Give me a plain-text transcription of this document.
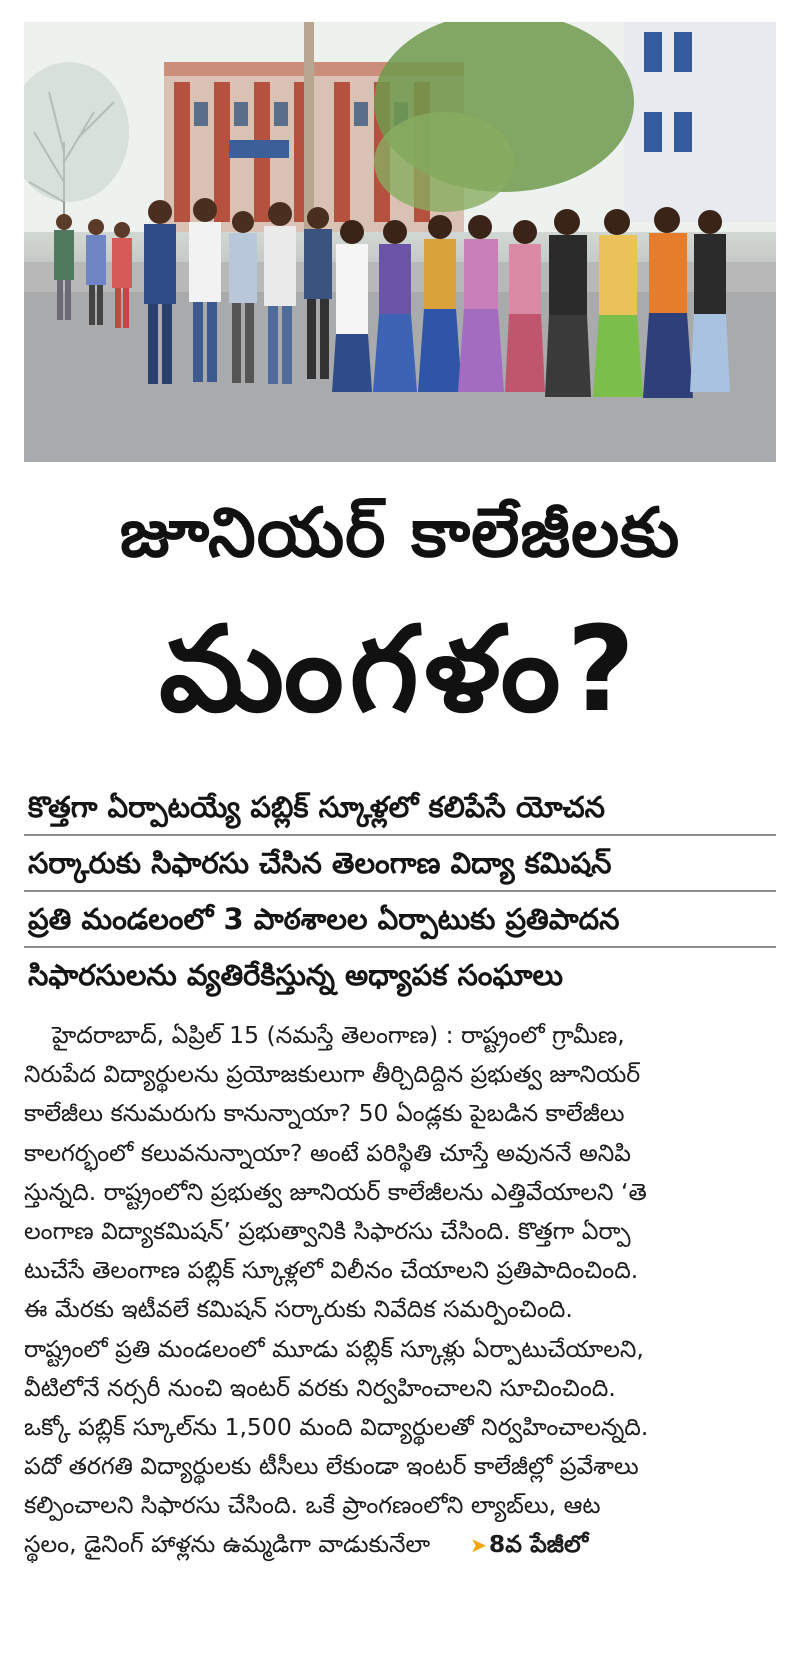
జూనియర్ కాలేజీలకు
మంగళం?
కొత్తగా ఏర్పాటయ్యే పబ్లిక్ స్కూళ్లలో కలిపేసే యోచన
సర్కారుకు సిఫారసు చేసిన తెలంగాణ విద్యా కమిషన్
ప్రతి మండలంలో 3 పాఠశాలల ఏర్పాటుకు ప్రతిపాదన
సిఫారసులను వ్యతిరేకిస్తున్న అధ్యాపక సంఘాలు
హైదరాబాద్, ఏప్రిల్ 15 (నమస్తే తెలంగాణ) : రాష్ట్రంలో గ్రామీణ,
నిరుపేద విద్యార్థులను ప్రయోజకులుగా తీర్చిదిద్దిన ప్రభుత్వ జూనియర్
కాలేజీలు కనుమరుగు కానున్నాయా? 50 ఏండ్లకు పైబడిన కాలేజీలు
కాలగర్భంలో కలువనున్నాయా? అంటే పరిస్థితి చూస్తే అవుననే అనిపి
స్తున్నది. రాష్ట్రంలోని ప్రభుత్వ జూనియర్ కాలేజీలను ఎత్తివేయాలని ‘తె
లంగాణ విద్యాకమిషన్’ ప్రభుత్వానికి సిఫారసు చేసింది. కొత్తగా ఏర్పా
టుచేసే తెలంగాణ పబ్లిక్ స్కూళ్లలో విలీనం చేయాలని ప్రతిపాదించింది.
ఈ మేరకు ఇటీవలే కమిషన్ సర్కారుకు నివేదిక సమర్పించింది.
రాష్ట్రంలో ప్రతి మండలంలో మూడు పబ్లిక్ స్కూళ్లు ఏర్పాటుచేయాలని,
వీటిలోనే నర్సరీ నుంచి ఇంటర్ వరకు నిర్వహించాలని సూచించింది.
ఒక్కో పబ్లిక్ స్కూల్‌ను 1,500 మంది విద్యార్థులతో నిర్వహించాలన్నది.
పదో తరగతి విద్యార్థులకు టీసీలు లేకుండా ఇంటర్ కాలేజీల్లో ప్రవేశాలు
కల్పించాలని సిఫారసు చేసింది. ఒకే ప్రాంగణంలోని ల్యాబ్‌లు, ఆట
స్థలం, డైనింగ్ హాళ్లను ఉమ్మడిగా వాడుకునేలా ➤8వ పేజీలో
